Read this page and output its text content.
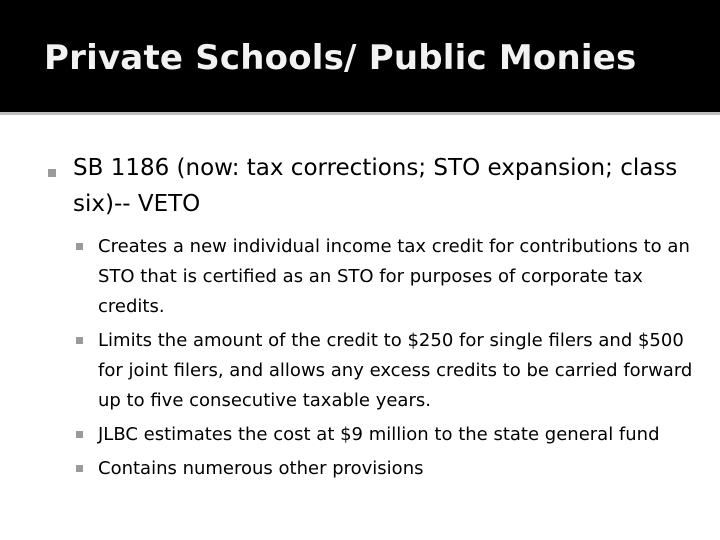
Private Schools/ Public Monies
SB 1186 (now: tax corrections; STO expansion; class six)-- VETO
Creates a new individual income tax credit for contributions to an STO that is certified as an STO for purposes of corporate tax credits.
Limits the amount of the credit to $250 for single filers and $500 for joint filers, and allows any excess credits to be carried forward up to five consecutive taxable years.
JLBC estimates the cost at $9 million to the state general fund
Contains numerous other provisions
